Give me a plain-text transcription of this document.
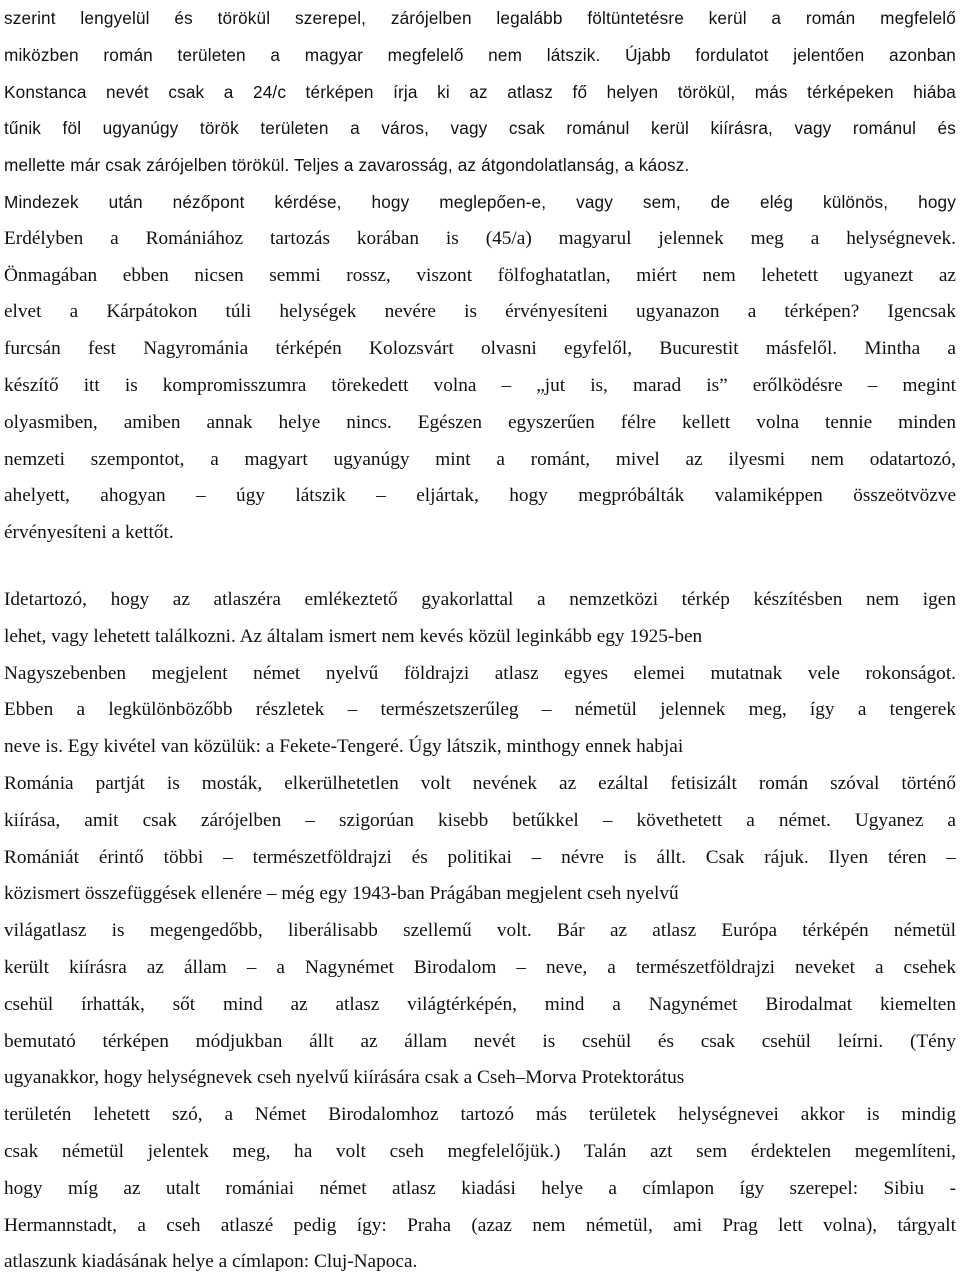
szerint lengyelül és törökül szerepel, zárójelben legalább föltüntetésre kerül a román megfelelő
miközben román területen a magyar megfelelő nem látszik. Újabb fordulatot jelentően azonban
Konstanca nevét csak a 24/c térképen írja ki az atlasz fő helyen törökül, más térképeken hiába
tűnik föl ugyanúgy török területen a város, vagy csak románul kerül kiírásra, vagy románul és
mellette már csak zárójelben törökül. Teljes a zavarosság, az átgondolatlanság, a káosz.
Mindezek után nézőpont kérdése, hogy meglepően-e, vagy sem, de elég különös, hogy
Erdélyben a Romániához tartozás korában is (45/a) magyarul jelennek meg a helységnevek.
Önmagában ebben nicsen semmi rossz, viszont fölfoghatatlan, miért nem lehetett ugyanezt az
elvet a Kárpátokon túli helységek nevére is érvényesíteni ugyanazon a térképen? Igencsak
furcsán fest Nagyrománia térképén Kolozsvárt olvasni egyfelől, Bucurestit másfelől. Mintha a
készítő itt is kompromisszumra törekedett volna – „jut is, marad is” erőlködésre – megint
olyasmiben, amiben annak helye nincs. Egészen egyszerűen félre kellett volna tennie minden
nemzeti szempontot, a magyart ugyanúgy mint a románt, mivel az ilyesmi nem odatartozó,
ahelyett, ahogyan – úgy látszik – eljártak, hogy megpróbálták valamiképpen összeötvözve
érvényesíteni a kettőt.
Idetartozó, hogy az atlaszéra emlékeztető gyakorlattal a nemzetközi térkép készítésben nem igen
lehet, vagy lehetett találkozni. Az általam ismert nem kevés közül leginkább egy 1925-ben
Nagyszebenben megjelent német nyelvű földrajzi atlasz egyes elemei mutatnak vele rokonságot.
Ebben a legkülönbözőbb részletek – természetszerűleg – németül jelennek meg, így a tengerek
neve is. Egy kivétel van közülük: a Fekete-Tengeré. Úgy látszik, minthogy ennek habjai
Románia partját is mosták, elkerülhetetlen volt nevének az ezáltal fetisizált román szóval történő
kiírása, amit csak zárójelben – szigorúan kisebb betűkkel – követhetett a német. Ugyanez a
Romániát érintő többi – természetföldrajzi és politikai – névre is állt. Csak rájuk. Ilyen téren –
közismert összefüggések ellenére – még egy 1943-ban Prágában megjelent cseh nyelvű
világatlasz is megengedőbb, liberálisabb szellemű volt. Bár az atlasz Európa térképén németül
került kiírásra az állam – a Nagynémet Birodalom – neve, a természetföldrajzi neveket a csehek
csehül írhatták, sőt mind az atlasz világtérképén, mind a Nagynémet Birodalmat kiemelten
bemutató térképen módjukban állt az állam nevét is csehül és csak csehül leírni. (Tény
ugyanakkor, hogy helységnevek cseh nyelvű kiírására csak a Cseh–Morva Protektorátus
területén lehetett szó, a Német Birodalomhoz tartozó más területek helységnevei akkor is mindig
csak németül jelentek meg, ha volt cseh megfelelőjük.) Talán azt sem érdektelen megemlíteni,
hogy míg az utalt romániai német atlasz kiadási helye a címlapon így szerepel: Sibiu -
Hermannstadt, a cseh atlaszé pedig így: Praha (azaz nem németül, ami Prag lett volna), tárgyalt
atlaszunk kiadásának helye a címlapon: Cluj-Napoca.
